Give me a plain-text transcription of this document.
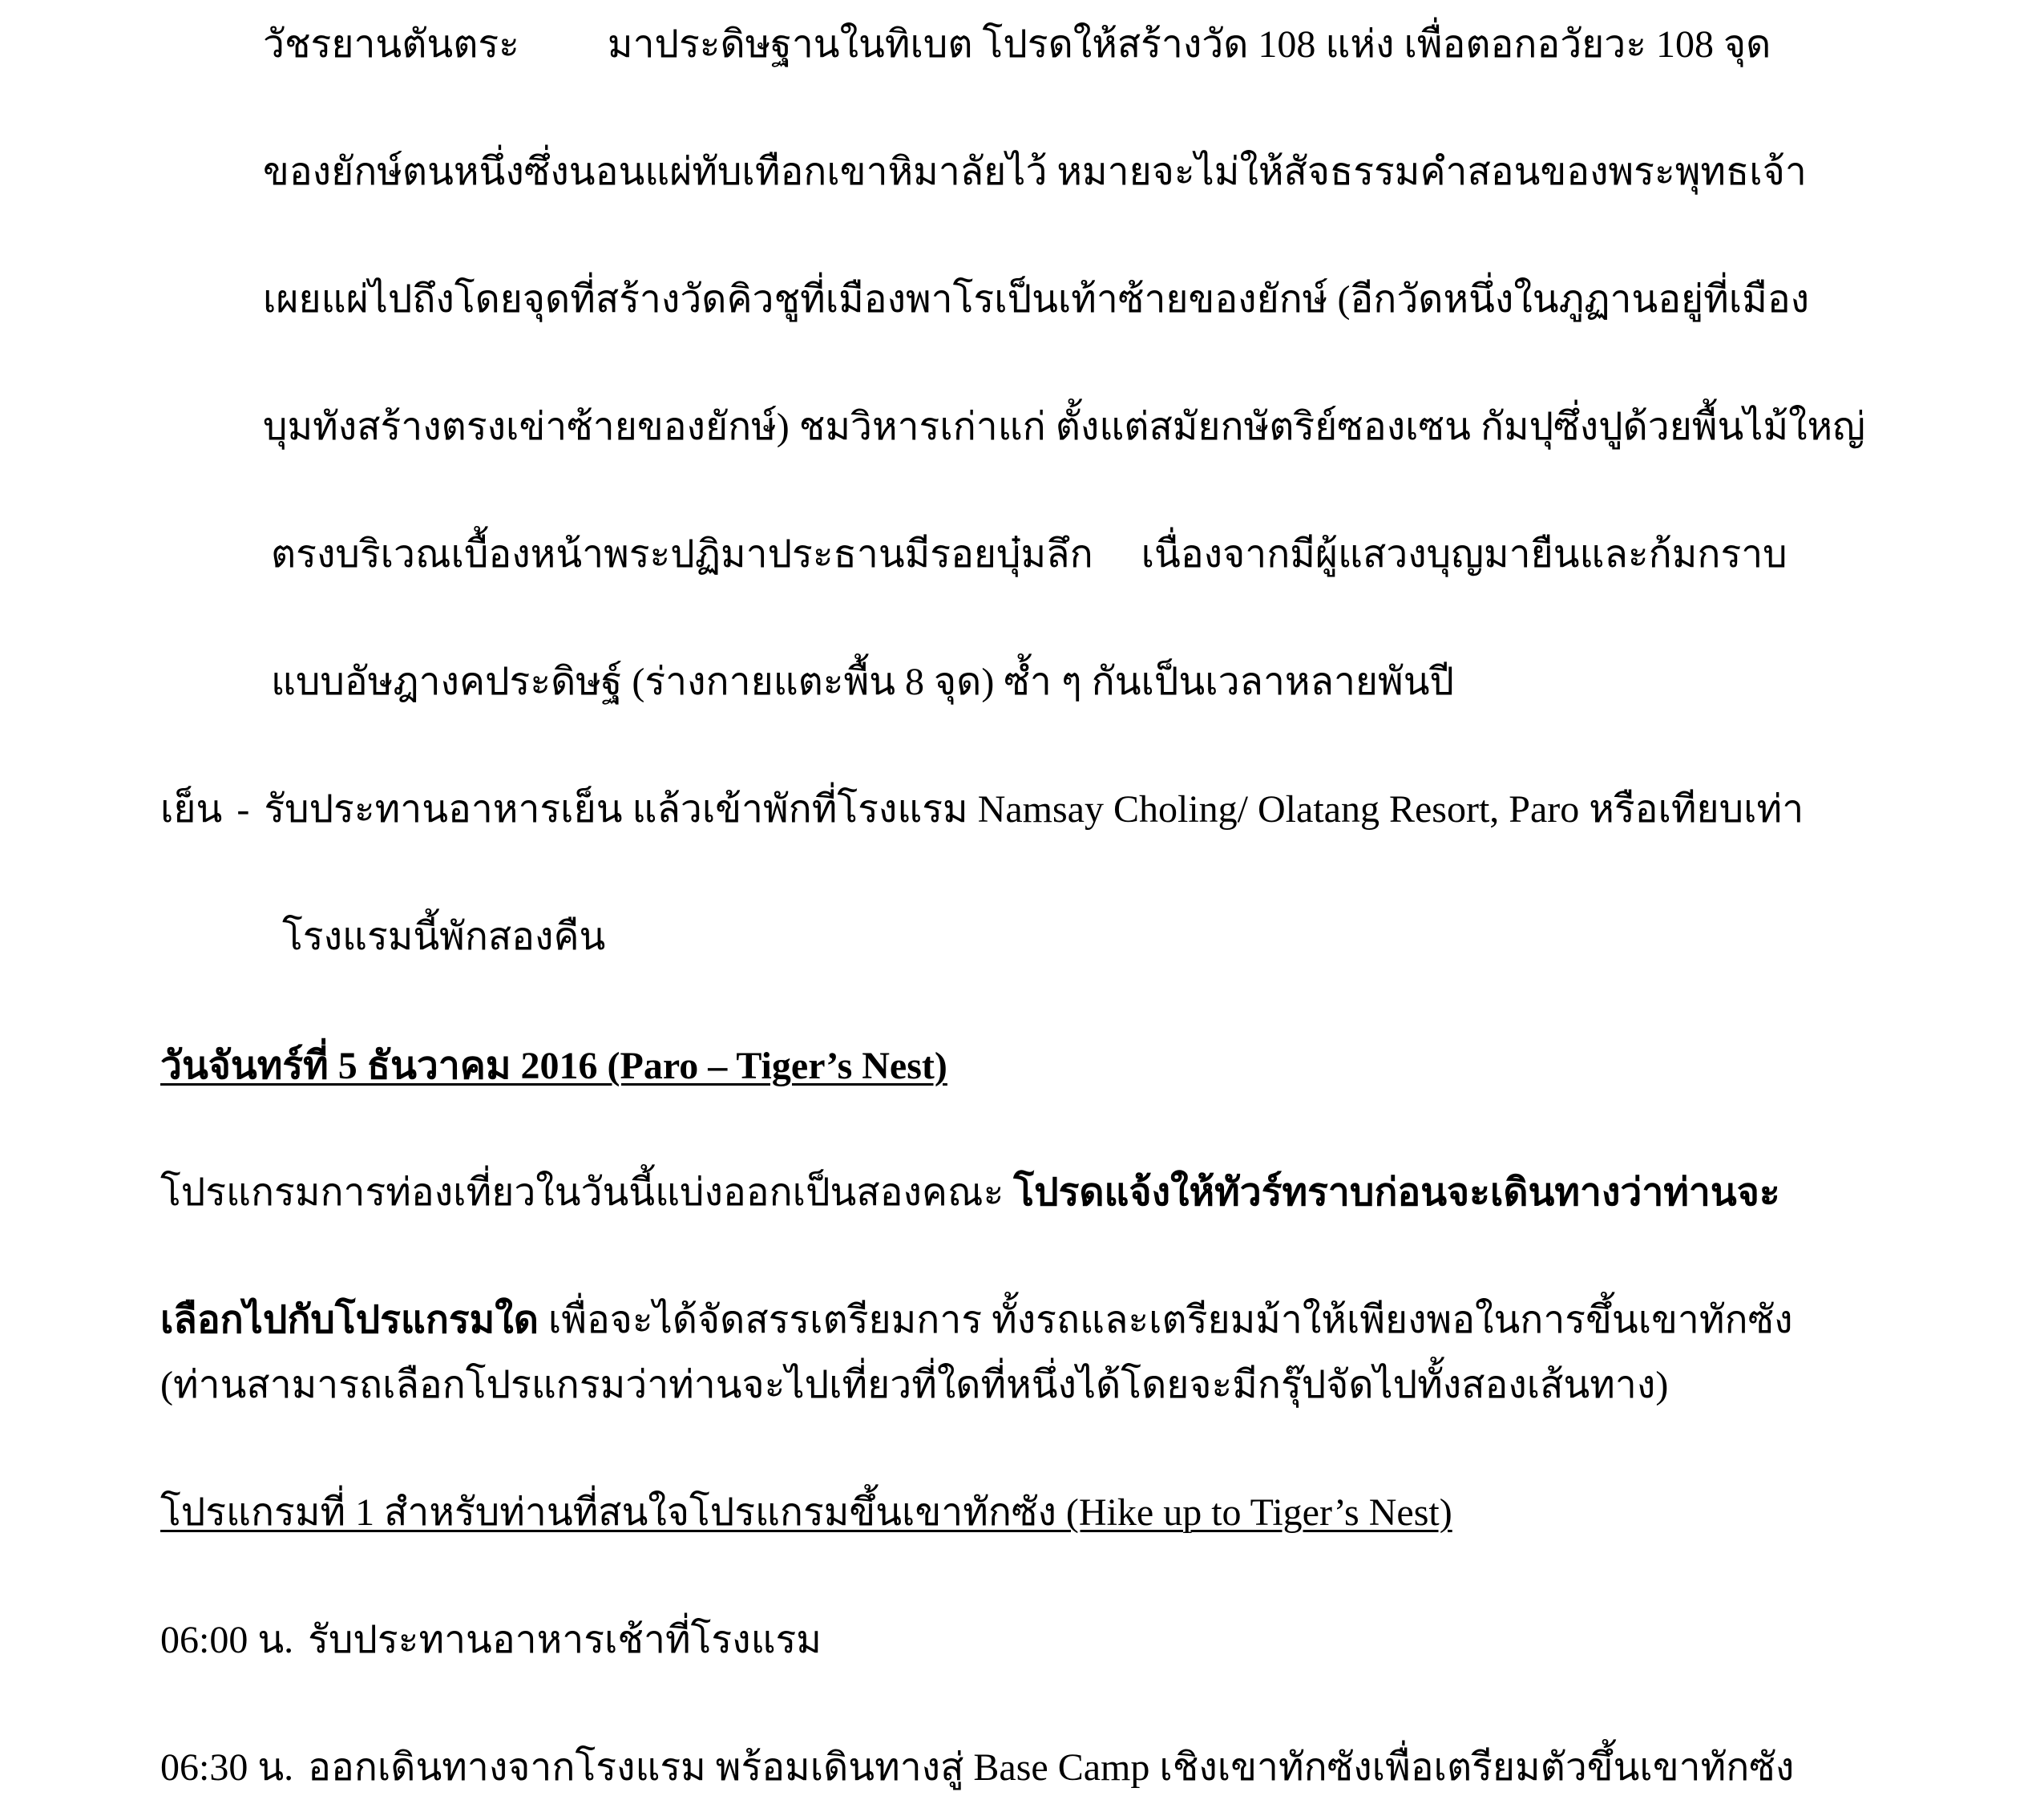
วัชรยานตันตระ มาประดิษฐานในทิเบต โปรดให้สร้างวัด 108 แห่ง เพื่อตอกอวัยวะ 108 จุด
ของยักษ์ตนหนึ่งซึ่งนอนแผ่ทับเทือกเขาหิมาลัยไว้ หมายจะไม่ให้สัจธรรมคำสอนของพระพุทธเจ้า
เผยแผ่ไปถึงโดยจุดที่สร้างวัดคิวชูที่เมืองพาโรเป็นเท้าซ้ายของยักษ์ (อีกวัดหนึ่งในภูฏานอยู่ที่เมือง
บุมทังสร้างตรงเข่าซ้ายของยักษ์) ชมวิหารเก่าแก่ ตั้งแต่สมัยกษัตริย์ซองเซน กัมปุซึ่งปูด้วยพื้นไม้ใหญ่
ตรงบริเวณเบื้องหน้าพระปฏิมาประธานมีรอยบุ๋มลึก เนื่องจากมีผู้แสวงบุญมายืนและก้มกราบ
แบบอัษฎางคประดิษฐ์ (ร่างกายแตะพื้น 8 จุด) ซ้ำ ๆ กันเป็นเวลาหลายพันปี
เย็น - รับประทานอาหารเย็น แล้วเข้าพักที่โรงแรม Namsay Choling/ Olatang Resort, Paro หรือเทียบเท่า
โรงแรมนี้พักสองคืน
วันจันทร์ที่ 5 ธันวาคม 2016 (Paro – Tiger’s Nest)
โปรแกรมการท่องเที่ยวในวันนี้แบ่งออกเป็นสองคณะ โปรดแจ้งให้ทัวร์ทราบก่อนจะเดินทางว่าท่านจะ
เลือกไปกับโปรแกรมใด เพื่อจะได้จัดสรรเตรียมการ ทั้งรถและเตรียมม้าให้เพียงพอในการขึ้นเขาทักซัง
(ท่านสามารถเลือกโปรแกรมว่าท่านจะไปเที่ยวที่ใดที่หนึ่งได้โดยจะมีกรุ๊ปจัดไปทั้งสองเส้นทาง)
โปรแกรมที่ 1 สำหรับท่านที่สนใจโปรแกรมขึ้นเขาทักซัง (Hike up to Tiger’s Nest)
06:00 น. รับประทานอาหารเช้าที่โรงแรม
06:30 น. ออกเดินทางจากโรงแรม พร้อมเดินทางสู่ Base Camp เชิงเขาทักซังเพื่อเตรียมตัวขึ้นเขาทักซัง
